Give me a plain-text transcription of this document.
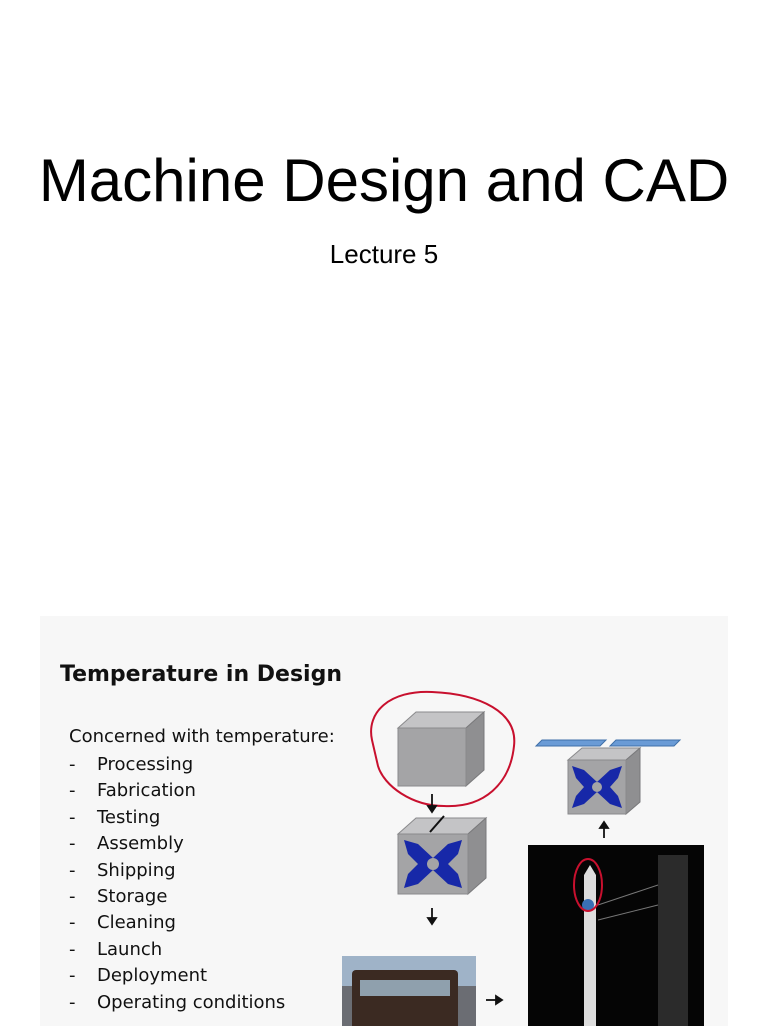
Machine Design and CAD
Lecture 5
Temperature in Design
Concerned with temperature:
- Processing
- Fabrication
- Testing
- Assembly
- Shipping
- Storage
- Cleaning
- Launch
- Deployment
- Operating conditions
